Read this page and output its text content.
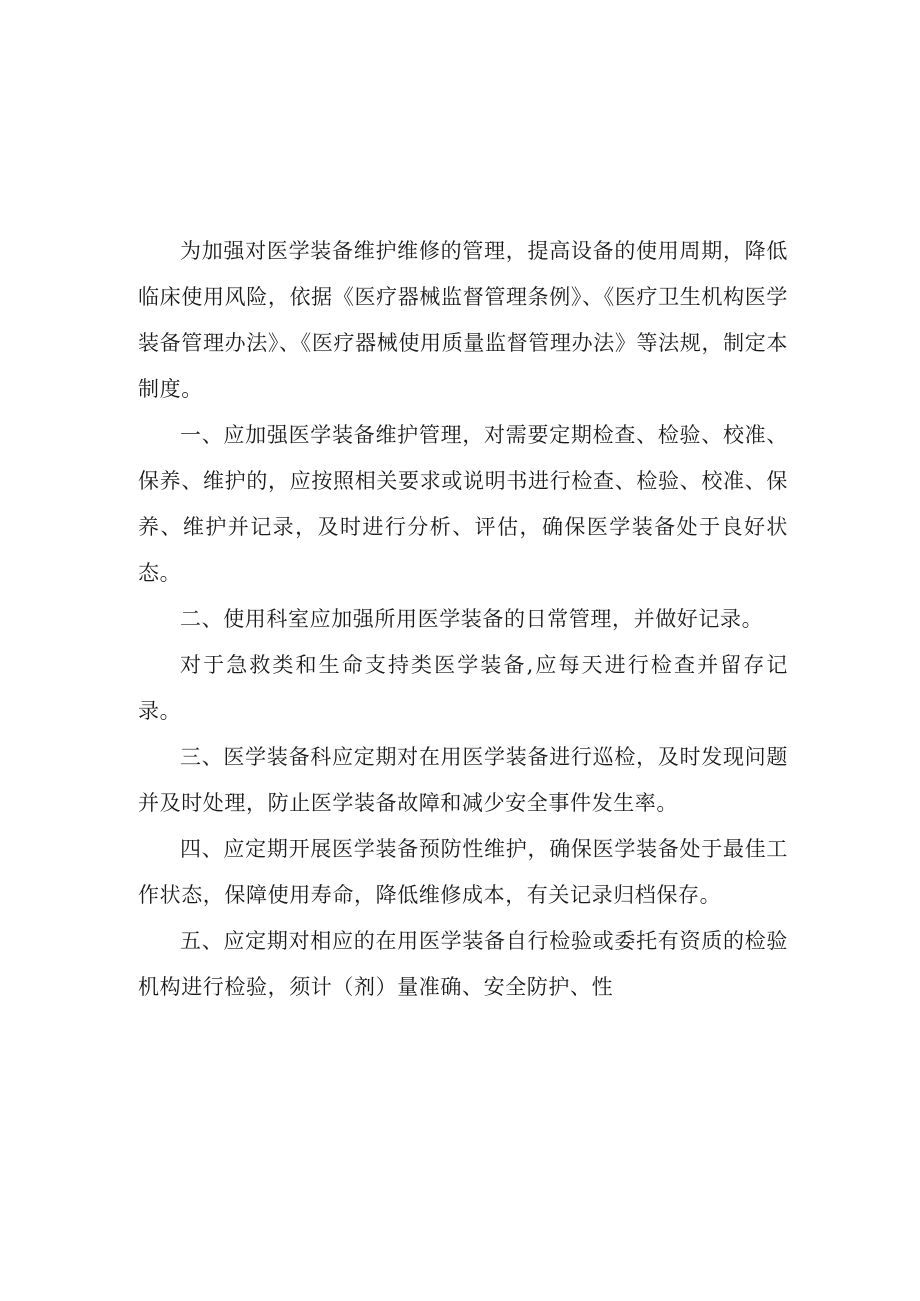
为加强对医学装备维护维修的管理，提高设备的使用周期，降低临床使用风险，依据《医疗器械监督管理条例》、《医疗卫生机构医学装备管理办法》、《医疗器械使用质量监督管理办法》等法规，制定本制度。

一、应加强医学装备维护管理，对需要定期检查、检验、校准、保养、维护的，应按照相关要求或说明书进行检查、检验、校准、保养、维护并记录，及时进行分析、评估，确保医学装备处于良好状态。

二、使用科室应加强所用医学装备的日常管理，并做好记录。

对于急救类和生命支持类医学装备,应每天进行检查并留存记录。

三、医学装备科应定期对在用医学装备进行巡检，及时发现问题并及时处理，防止医学装备故障和减少安全事件发生率。

四、应定期开展医学装备预防性维护，确保医学装备处于最佳工作状态，保障使用寿命，降低维修成本，有关记录归档保存。

五、应定期对相应的在用医学装备自行检验或委托有资质的检验机构进行检验，须计（剂）量准确、安全防护、性
